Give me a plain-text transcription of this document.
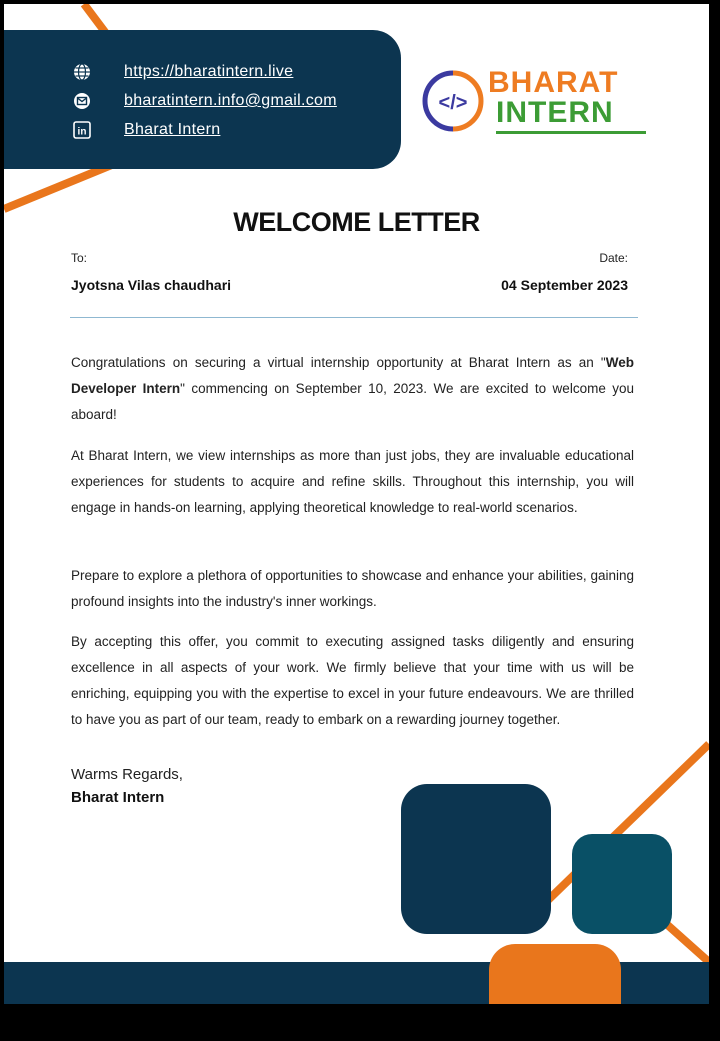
https://bharatintern.live
bharatintern.info@gmail.com
in Bharat Intern
</>
BHARAT
INTERN
WELCOME LETTER
To:	Date:
Jyotsna Vilas chaudhari	04 September 2023
Congratulations on securing a virtual internship opportunity at Bharat Intern as an "Web Developer Intern" commencing on September 10, 2023. We are excited to welcome you aboard!
At Bharat Intern, we view internships as more than just jobs, they are invaluable educational experiences for students to acquire and refine skills. Throughout this internship, you will engage in hands-on learning, applying theoretical knowledge to real-world scenarios.
Prepare to explore a plethora of opportunities to showcase and enhance your abilities, gaining profound insights into the industry's inner workings.
By accepting this offer, you commit to executing assigned tasks diligently and ensuring excellence in all aspects of your work. We firmly believe that your time with us will be enriching, equipping you with the expertise to excel in your future endeavours. We are thrilled to have you as part of our team, ready to embark on a rewarding journey together.
Warms Regards,
Bharat Intern
